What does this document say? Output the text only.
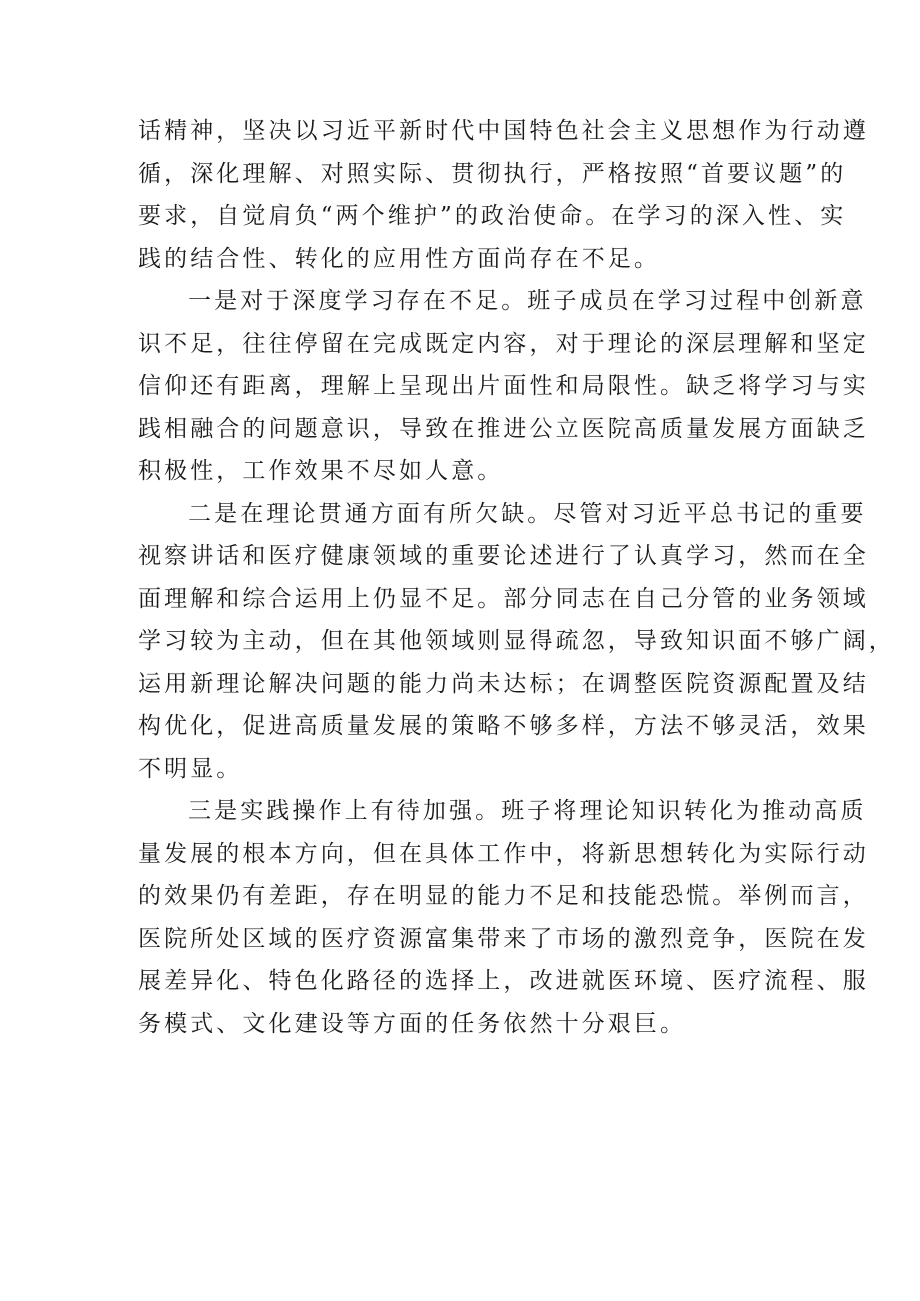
话精神，坚决以习近平新时代中国特色社会主义思想作为行动遵
循，深化理解、对照实际、贯彻执行，严格按照“首要议题”的
要求，自觉肩负“两个维护”的政治使命。在学习的深入性、实
践的结合性、转化的应用性方面尚存在不足。
一是对于深度学习存在不足。班子成员在学习过程中创新意
识不足，往往停留在完成既定内容，对于理论的深层理解和坚定
信仰还有距离，理解上呈现出片面性和局限性。缺乏将学习与实
践相融合的问题意识，导致在推进公立医院高质量发展方面缺乏
积极性，工作效果不尽如人意。
二是在理论贯通方面有所欠缺。尽管对习近平总书记的重要
视察讲话和医疗健康领域的重要论述进行了认真学习，然而在全
面理解和综合运用上仍显不足。部分同志在自己分管的业务领域
学习较为主动，但在其他领域则显得疏忽，导致知识面不够广阔，
运用新理论解决问题的能力尚未达标；在调整医院资源配置及结
构优化，促进高质量发展的策略不够多样，方法不够灵活，效果
不明显。
三是实践操作上有待加强。班子将理论知识转化为推动高质
量发展的根本方向，但在具体工作中，将新思想转化为实际行动
的效果仍有差距，存在明显的能力不足和技能恐慌。举例而言，
医院所处区域的医疗资源富集带来了市场的激烈竞争，医院在发
展差异化、特色化路径的选择上，改进就医环境、医疗流程、服
务模式、文化建设等方面的任务依然十分艰巨。
